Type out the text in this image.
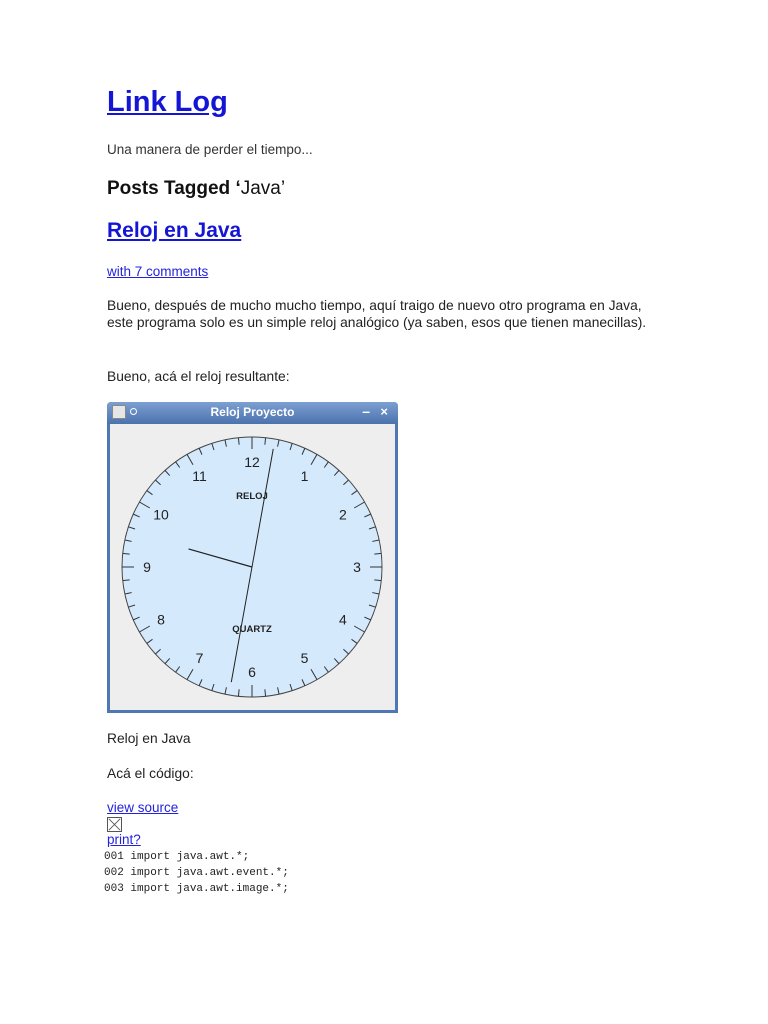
Link Log
Una manera de perder el tiempo...
Posts Tagged ‘Java’
Reloj en Java
with 7 comments
Bueno, después de mucho mucho tiempo, aquí traigo de nuevo otro programa en Java, este programa solo es un simple reloj analógico (ya saben, esos que tienen manecillas).
Bueno, acá el reloj resultante:
Reloj Proyecto	– ×
12
1
2
3
4
5
6
7
8
9
10
11
RELOJ
QUARTZ
Reloj en Java
Acá el código:
view source
print?
001 import java.awt.*;
002 import java.awt.event.*;
003 import java.awt.image.*;
